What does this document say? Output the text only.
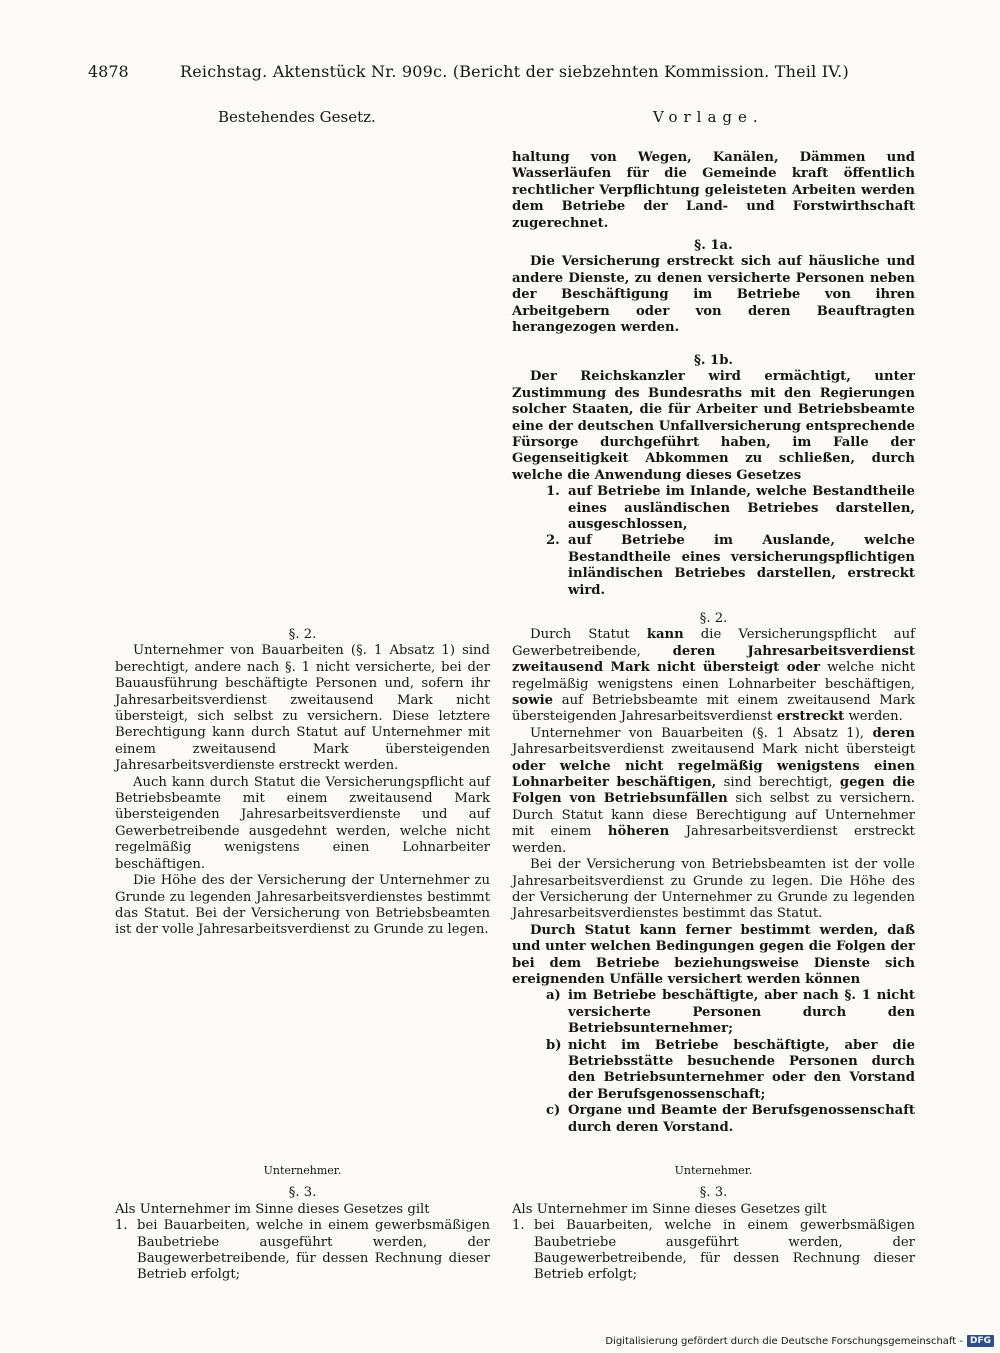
4878	Reichstag. Aktenstück Nr. 909c. (Bericht der siebzehnten Kommission. Theil IV.)
Bestehendes Gesetz.	Vorlage.

§. 2.

Unternehmer von Bauarbeiten (§. 1 Absatz 1) sind berechtigt, andere nach §. 1 nicht versicherte, bei der Bauausführung beschäftigte Personen und, sofern ihr Jahresarbeitsverdienst zweitausend Mark nicht übersteigt, sich selbst zu versichern. Diese letztere Berechtigung kann durch Statut auf Unternehmer mit einem zweitausend Mark übersteigenden Jahresarbeitsverdienste erstreckt werden.

Auch kann durch Statut die Versicherungspflicht auf Betriebsbeamte mit einem zweitausend Mark übersteigenden Jahresarbeitsverdienste und auf Gewerbetreibende ausgedehnt werden, welche nicht regelmäßig wenigstens einen Lohnarbeiter beschäftigen.

Die Höhe des der Versicherung der Unternehmer zu Grunde zu legenden Jahresarbeitsverdienstes bestimmt das Statut. Bei der Versicherung von Betriebsbeamten ist der volle Jahresarbeitsverdienst zu Grunde zu legen.

Unternehmer.

§. 3.

Als Unternehmer im Sinne dieses Gesetzes gilt

1. bei Bauarbeiten, welche in einem gewerbsmäßigen Baubetriebe ausgeführt werden, der Baugewerbetreibende, für dessen Rechnung dieser Betrieb erfolgt;

haltung von Wegen, Kanälen, Dämmen und Wasserläufen für die Gemeinde kraft öffentlich rechtlicher Verpflichtung geleisteten Arbeiten werden dem Betriebe der Land- und Forstwirthschaft zugerechnet.

§. 1a.

Die Versicherung erstreckt sich auf häusliche und andere Dienste, zu denen versicherte Personen neben der Beschäftigung im Betriebe von ihren Arbeitgebern oder von deren Beauftragten herangezogen werden.

§. 1b.

Der Reichskanzler wird ermächtigt, unter Zustimmung des Bundesraths mit den Regierungen solcher Staaten, die für Arbeiter und Betriebsbeamte eine der deutschen Unfallversicherung entsprechende Fürsorge durchgeführt haben, im Falle der Gegenseitigkeit Abkommen zu schließen, durch welche die Anwendung dieses Gesetzes

1. auf Betriebe im Inlande, welche Bestandtheile eines ausländischen Betriebes darstellen, ausgeschlossen,
2. auf Betriebe im Auslande, welche Bestandtheile eines versicherungspflichtigen inländischen Betriebes darstellen, erstreckt wird.

§. 2.

Durch Statut kann die Versicherungspflicht auf Gewerbetreibende, deren Jahresarbeitsverdienst zweitausend Mark nicht übersteigt oder welche nicht regelmäßig wenigstens einen Lohnarbeiter beschäftigen, sowie auf Betriebsbeamte mit einem zweitausend Mark übersteigenden Jahresarbeitsverdienst erstreckt werden.

Unternehmer von Bauarbeiten (§. 1 Absatz 1), deren Jahresarbeitsverdienst zweitausend Mark nicht übersteigt oder welche nicht regelmäßig wenigstens einen Lohnarbeiter beschäftigen, sind berechtigt, gegen die Folgen von Betriebsunfällen sich selbst zu versichern. Durch Statut kann diese Berechtigung auf Unternehmer mit einem höheren Jahresarbeitsverdienst erstreckt werden.

Bei der Versicherung von Betriebsbeamten ist der volle Jahresarbeitsverdienst zu Grunde zu legen. Die Höhe des der Versicherung der Unternehmer zu Grunde zu legenden Jahresarbeitsverdienstes bestimmt das Statut.

Durch Statut kann ferner bestimmt werden, daß und unter welchen Bedingungen gegen die Folgen der bei dem Betriebe beziehungsweise Dienste sich ereignenden Unfälle versichert werden können

a) im Betriebe beschäftigte, aber nach §. 1 nicht versicherte Personen durch den Betriebsunternehmer;
b) nicht im Betriebe beschäftigte, aber die Betriebsstätte besuchende Personen durch den Betriebsunternehmer oder den Vorstand der Berufsgenossenschaft;
c) Organe und Beamte der Berufsgenossenschaft durch deren Vorstand.

Unternehmer.

§. 3.

Als Unternehmer im Sinne dieses Gesetzes gilt

1. bei Bauarbeiten, welche in einem gewerbsmäßigen Baubetriebe ausgeführt werden, der Baugewerbetreibende, für dessen Rechnung dieser Betrieb erfolgt;
Digitalisierung gefördert durch die Deutsche Forschungsgemeinschaft - DFG
